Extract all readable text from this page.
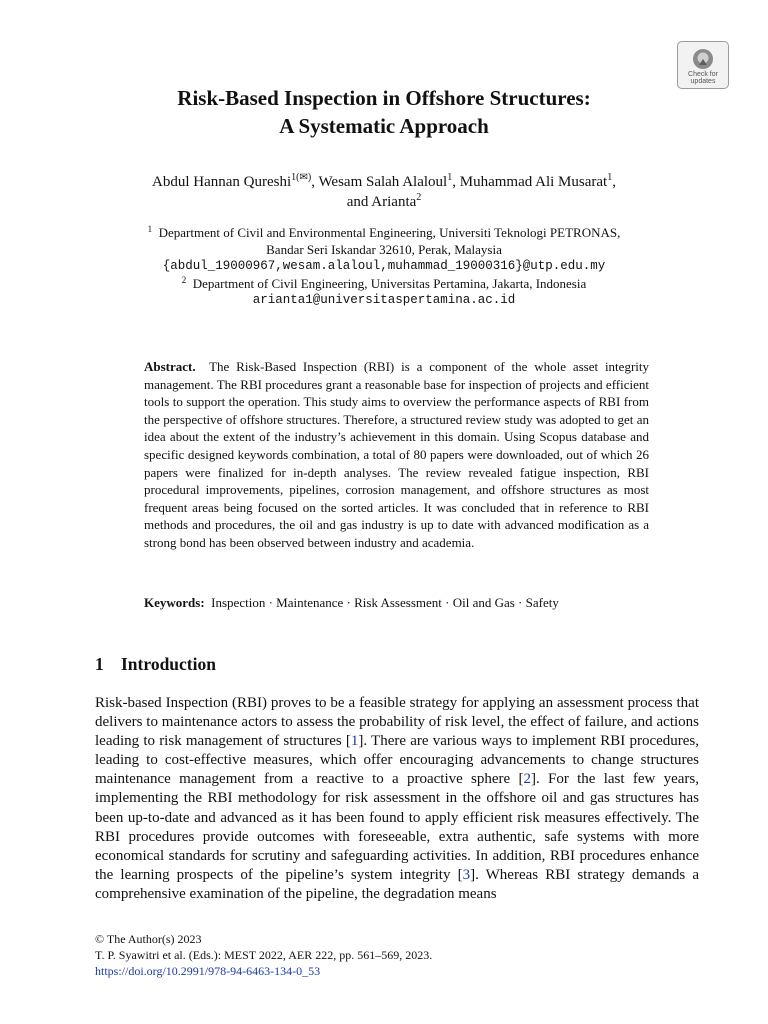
Check for
updates
Risk-Based Inspection in Offshore Structures:
A Systematic Approach
Abdul Hannan Qureshi$^{1(✉)}$, Wesam Salah Alaloul$^1$, Muhammad Ali Musarat$^1$,
and Arianta$^2$
$^1$ Department of Civil and Environmental Engineering, Universiti Teknologi PETRONAS,
Bandar Seri Iskandar 32610, Perak, Malaysia
{abdul_19000967,wesam.alaloul,muhammad_19000316}@utp.edu.my
$^2$ Department of Civil Engineering, Universitas Pertamina, Jakarta, Indonesia
arianta1@universitaspertamina.ac.id
Abstract. The Risk-Based Inspection (RBI) is a component of the whole asset integrity management. The RBI procedures grant a reasonable base for inspection of projects and efficient tools to support the operation. This study aims to overview the performance aspects of RBI from the perspective of offshore structures. Therefore, a structured review study was adopted to get an idea about the extent of the industry’s achievement in this domain. Using Scopus database and specific designed keywords combination, a total of 80 papers were downloaded, out of which 26 papers were finalized for in-depth analyses. The review revealed fatigue inspection, RBI procedural improvements, pipelines, corrosion management, and offshore structures as most frequent areas being focused on the sorted articles. It was concluded that in reference to RBI methods and procedures, the oil and gas industry is up to date with advanced modification as a strong bond has been observed between industry and academia.
Keywords: Inspection · Maintenance · Risk Assessment · Oil and Gas · Safety
1 Introduction
Risk-based Inspection (RBI) proves to be a feasible strategy for applying an assessment process that delivers to maintenance actors to assess the probability of risk level, the effect of failure, and actions leading to risk management of structures [1]. There are various ways to implement RBI procedures, leading to cost-effective measures, which offer encouraging advancements to change structures maintenance management from a reactive to a proactive sphere [2]. For the last few years, implementing the RBI methodology for risk assessment in the offshore oil and gas structures has been up-to-date and advanced as it has been found to apply efficient risk measures effectively. The RBI procedures provide outcomes with foreseeable, extra authentic, safe systems with more economical standards for scrutiny and safeguarding activities. In addition, RBI procedures enhance the learning prospects of the pipeline’s system integrity [3]. Whereas RBI strategy demands a comprehensive examination of the pipeline, the degradation means
© The Author(s) 2023
T. P. Syawitri et al. (Eds.): MEST 2022, AER 222, pp. 561–569, 2023.
https://doi.org/10.2991/978-94-6463-134-0_53
